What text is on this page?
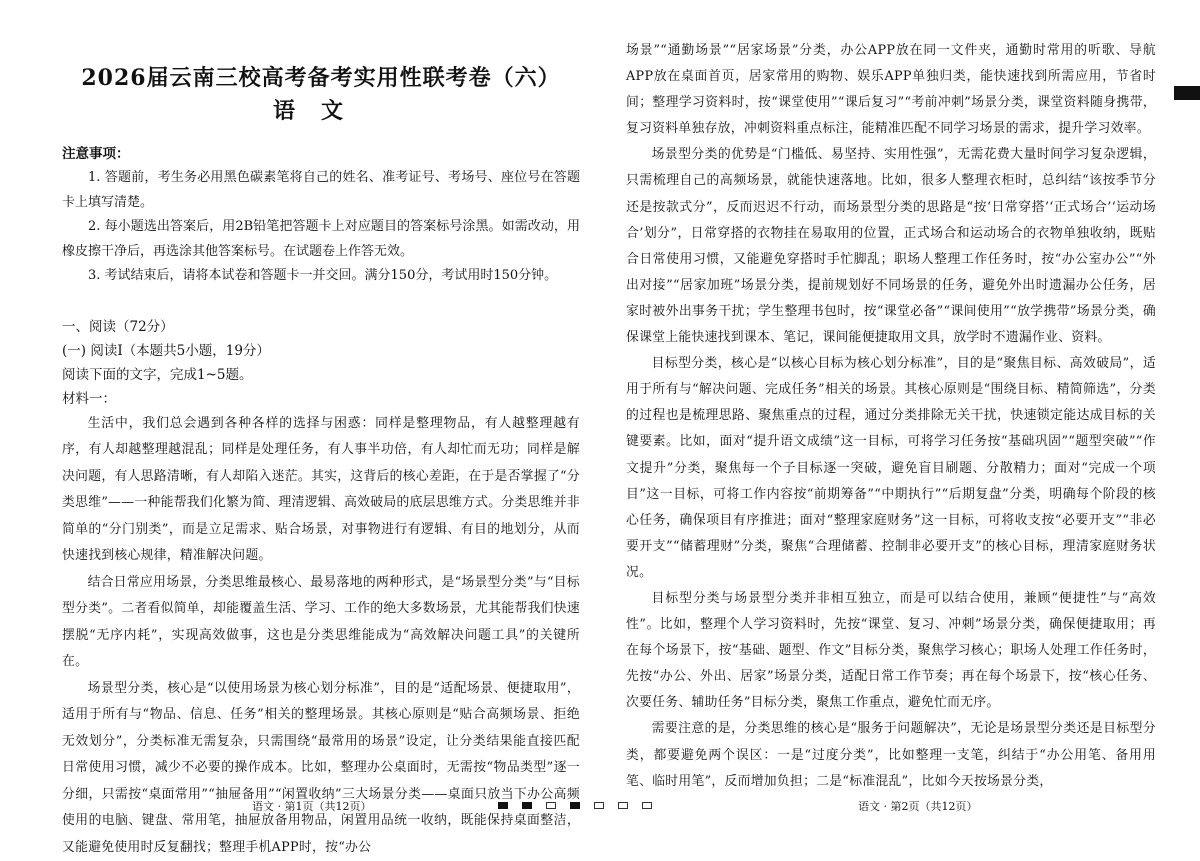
2026届云南三校高考备考实用性联考卷（六）
语文

注意事项：

1. 答题前，考生务必用黑色碳素笔将自己的姓名、准考证号、考场号、座位号在答题卡上填写清楚。

2. 每小题选出答案后，用2B铅笔把答题卡上对应题目的答案标号涂黑。如需改动，用橡皮擦干净后，再选涂其他答案标号。在试题卷上作答无效。

3. 考试结束后，请将本试卷和答题卡一并交回。满分150分，考试用时150分钟。

一、阅读（72分）

(一) 阅读Ⅰ（本题共5小题，19分）

阅读下面的文字，完成1~5题。

材料一：

生活中，我们总会遇到各种各样的选择与困惑：同样是整理物品，有人越整理越有序，有人却越整理越混乱；同样是处理任务，有人事半功倍，有人却忙而无功；同样是解决问题，有人思路清晰，有人却陷入迷茫。其实，这背后的核心差距，在于是否掌握了“分类思维”——一种能帮我们化繁为简、理清逻辑、高效破局的底层思维方式。分类思维并非简单的“分门别类”，而是立足需求、贴合场景，对事物进行有逻辑、有目的地划分，从而快速找到核心规律，精准解决问题。

结合日常应用场景，分类思维最核心、最易落地的两种形式，是“场景型分类”与“目标型分类”。二者看似简单，却能覆盖生活、学习、工作的绝大多数场景，尤其能帮我们快速摆脱“无序内耗”，实现高效做事，这也是分类思维能成为“高效解决问题工具”的关键所在。

场景型分类，核心是“以使用场景为核心划分标准”，目的是“适配场景、便捷取用”，适用于所有与“物品、信息、任务”相关的整理场景。其核心原则是“贴合高频场景、拒绝无效划分”，分类标准无需复杂，只需围绕“最常用的场景”设定，让分类结果能直接匹配日常使用习惯，减少不必要的操作成本。比如，整理办公桌面时，无需按“物品类型”逐一分细，只需按“桌面常用”“抽屉备用”“闲置收纳”三大场景分类——桌面只放当下办公高频使用的电脑、键盘、常用笔，抽屉放备用物品，闲置用品统一收纳，既能保持桌面整洁，又能避免使用时反复翻找；整理手机APP时，按“办公

场景”“通勤场景”“居家场景”分类，办公APP放在同一文件夹，通勤时常用的听歌、导航APP放在桌面首页，居家常用的购物、娱乐APP单独归类，能快速找到所需应用，节省时间；整理学习资料时，按“课堂使用”“课后复习”“考前冲刺”场景分类，课堂资料随身携带，复习资料单独存放，冲刺资料重点标注，能精准匹配不同学习场景的需求，提升学习效率。

场景型分类的优势是“门槛低、易坚持、实用性强”，无需花费大量时间学习复杂逻辑，只需梳理自己的高频场景，就能快速落地。比如，很多人整理衣柜时，总纠结“该按季节分还是按款式分”，反而迟迟不行动，而场景型分类的思路是“按‘日常穿搭’‘正式场合’‘运动场合’划分”，日常穿搭的衣物挂在易取用的位置，正式场合和运动场合的衣物单独收纳，既贴合日常使用习惯，又能避免穿搭时手忙脚乱；职场人整理工作任务时，按“办公室办公”“外出对接”“居家加班”场景分类，提前规划好不同场景的任务，避免外出时遗漏办公任务，居家时被外出事务干扰；学生整理书包时，按“课堂必备”“课间使用”“放学携带”场景分类，确保课堂上能快速找到课本、笔记，课间能便捷取用文具，放学时不遗漏作业、资料。

目标型分类，核心是“以核心目标为核心划分标准”，目的是“聚焦目标、高效破局”，适用于所有与“解决问题、完成任务”相关的场景。其核心原则是“围绕目标、精简筛选”，分类的过程也是梳理思路、聚焦重点的过程，通过分类排除无关干扰，快速锁定能达成目标的关键要素。比如，面对“提升语文成绩”这一目标，可将学习任务按“基础巩固”“题型突破”“作文提升”分类，聚焦每一个子目标逐一突破，避免盲目刷题、分散精力；面对“完成一个项目”这一目标，可将工作内容按“前期筹备”“中期执行”“后期复盘”分类，明确每个阶段的核心任务，确保项目有序推进；面对“整理家庭财务”这一目标，可将收支按“必要开支”“非必要开支”“储蓄理财”分类，聚焦“合理储蓄、控制非必要开支”的核心目标，理清家庭财务状况。

目标型分类与场景型分类并非相互独立，而是可以结合使用，兼顾“便捷性”与“高效性”。比如，整理个人学习资料时，先按“课堂、复习、冲刺”场景分类，确保便捷取用；再在每个场景下，按“基础、题型、作文”目标分类，聚焦学习核心；职场人处理工作任务时，先按“办公、外出、居家”场景分类，适配日常工作节奏；再在每个场景下，按“核心任务、次要任务、辅助任务”目标分类，聚焦工作重点，避免忙而无序。

需要注意的是，分类思维的核心是“服务于问题解决”，无论是场景型分类还是目标型分类，都要避免两个误区：一是“过度分类”，比如整理一支笔，纠结于“办公用笔、备用用笔、临时用笔”，反而增加负担；二是“标准混乱”，比如今天按场景分类，

语文 · 第1页（共12页）	语文 · 第2页（共12页）
